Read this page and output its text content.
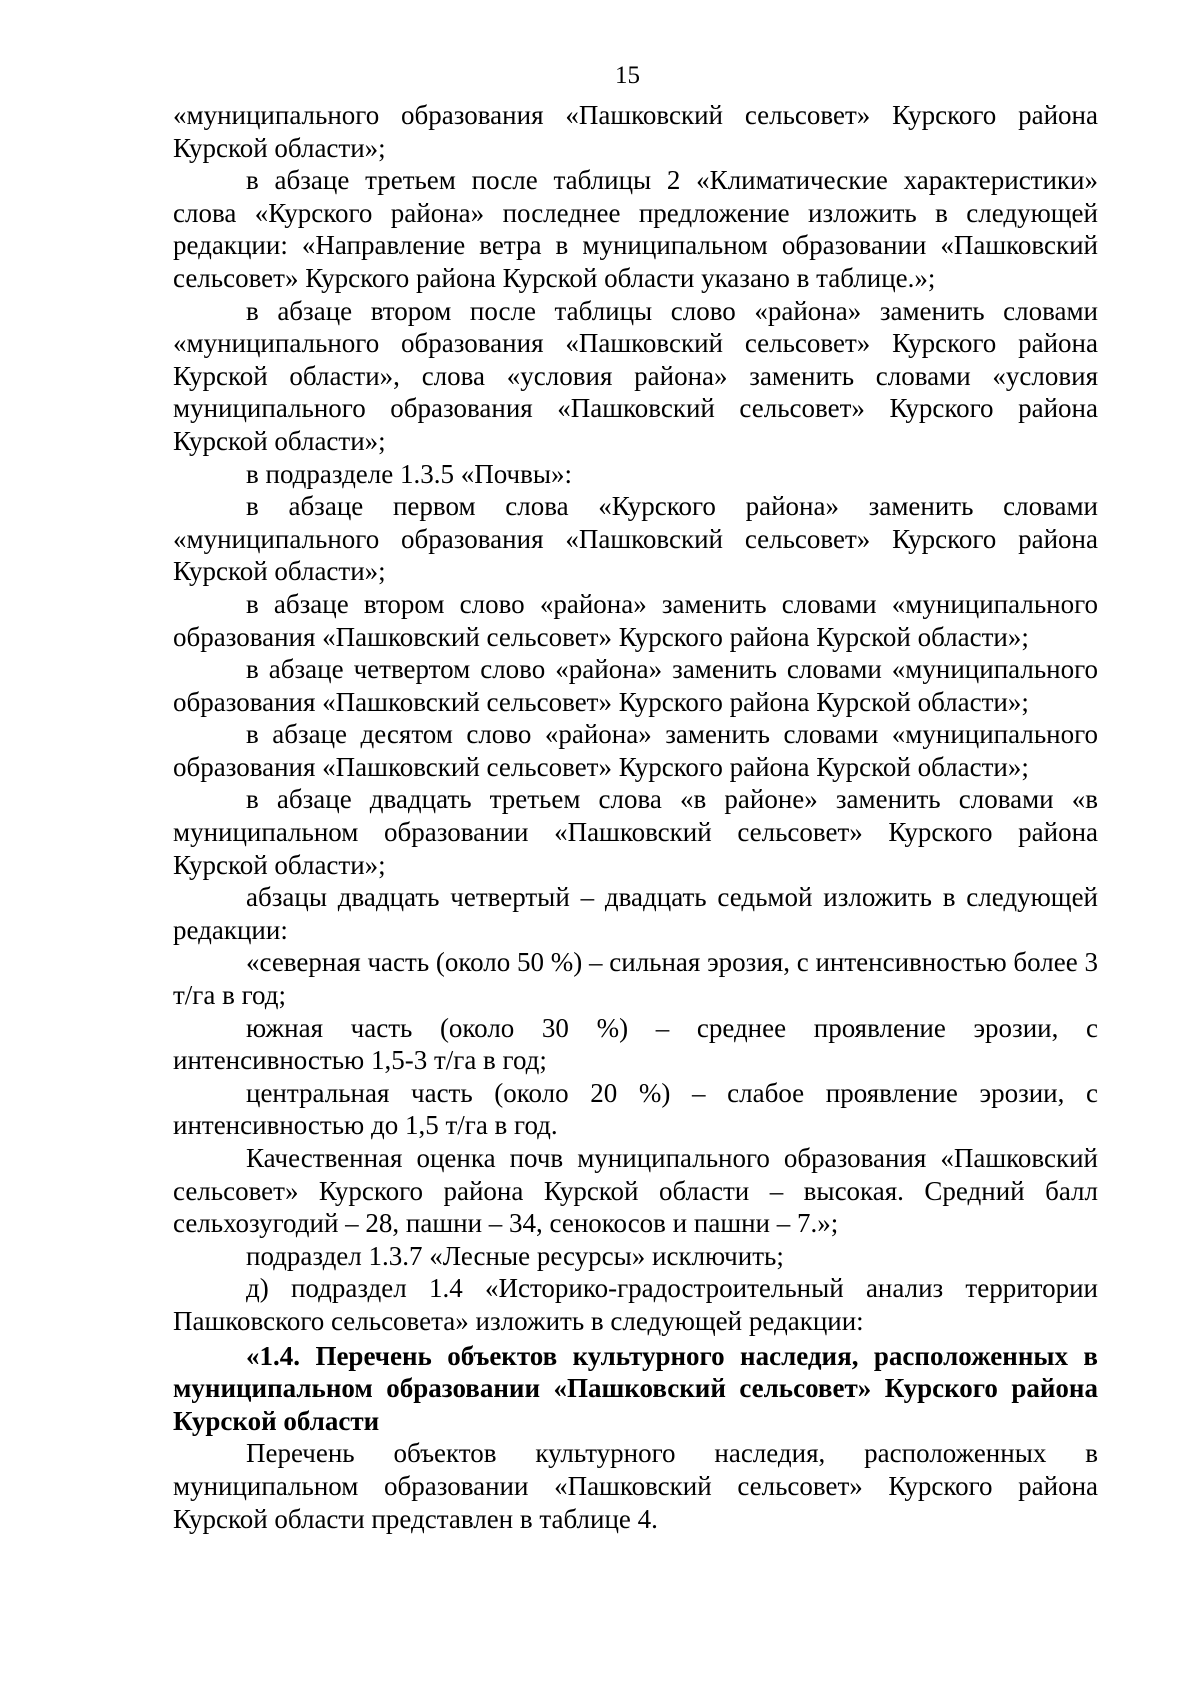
15

«муниципального образования «Пашковский сельсовет» Курского района Курской области»;

в абзаце третьем после таблицы 2 «Климатические характеристики» слова «Курского района» последнее предложение изложить в следующей редакции: «Направление ветра в муниципальном образовании «Пашковский сельсовет» Курского района Курской области указано в таблице.»;

в абзаце втором после таблицы слово «района» заменить словами «муниципального образования «Пашковский сельсовет» Курского района Курской области», слова «условия района» заменить словами «условия муниципального образования «Пашковский сельсовет» Курского района Курской области»;

в подразделе 1.3.5 «Почвы»:

в абзаце первом слова «Курского района» заменить словами «муниципального образования «Пашковский сельсовет» Курского района Курской области»;

в абзаце втором слово «района» заменить словами «муниципального образования «Пашковский сельсовет» Курского района Курской области»;

в абзаце четвертом слово «района» заменить словами «муниципального образования «Пашковский сельсовет» Курского района Курской области»;

в абзаце десятом слово «района» заменить словами «муниципального образования «Пашковский сельсовет» Курского района Курской области»;

в абзаце двадцать третьем слова «в районе» заменить словами «в муниципальном образовании «Пашковский сельсовет» Курского района Курской области»;

абзацы двадцать четвертый – двадцать седьмой изложить в следующей редакции:

«северная часть (около 50 %) – сильная эрозия, с интенсивностью более 3 т/га в год;

южная часть (около 30 %) – среднее проявление эрозии, с интенсивностью 1,5-3 т/га в год;

центральная часть (около 20 %) – слабое проявление эрозии, с интенсивностью до 1,5 т/га в год.

Качественная оценка почв муниципального образования «Пашковский сельсовет» Курского района Курской области – высокая. Средний балл сельхозугодий – 28, пашни – 34, сенокосов и пашни – 7.»;

подраздел 1.3.7 «Лесные ресурсы» исключить;

д) подраздел 1.4 «Историко-градостроительный анализ территории Пашковского сельсовета» изложить в следующей редакции:

«1.4. Перечень объектов культурного наследия, расположенных в муниципальном образовании «Пашковский сельсовет» Курского района Курской области

Перечень объектов культурного наследия, расположенных в муниципальном образовании «Пашковский сельсовет» Курского района Курской области представлен в таблице 4.
